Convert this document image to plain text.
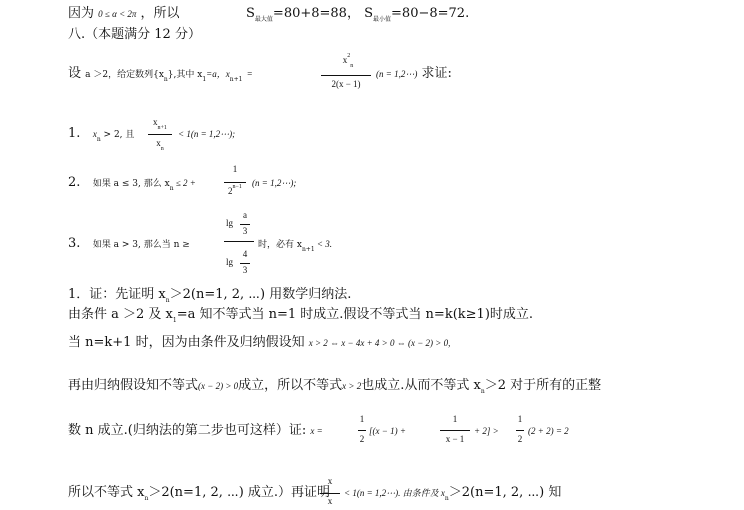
因为 0 ≤ α < 2π ，所以	$S_{最大值}=80+8=88$， $S_{最小值}=80-8=72$.
八.（本题满分 12 分）
设 a ＞2，给定数列$\{x_n\}$,其中 $x_1=a$，$x_{n+1}$ =
$x^2_n$
2(x − 1)
(n = 1,2⋯) 求证:
1. $x_n > 2$, 且
$x_{n+1}$
$x_n$
< 1(n = 1,2⋯);
2. 如果 a ≤ 3, 那么 $x_n \le 2$ +
1
$2^{n-1}$	(n = 1,2⋯);
3. 如果 a > 3, 那么当 n ≥
lg
a
3
lg
4
3
时，必有 $x_{n+1} < 3$.
1．证：先证明 $x_n>2(n=1$, 2, ⋯) 用数学归纳法.
由条件 a ＞2 及 $x_1=a$ 知不等式当 n=1 时成立.假设不等式当 n=k(k≥1)时成立.
当 n=k+1 时，因为由条件及归纳假设知 x > 2 ⇔ x − 4x + 4 > 0 ⇔ (x − 2) > 0,
再由归纳假设知不等式(x − 2) > 0成立，所以不等式x > 2也成立.从而不等式 $x_n>2$ 对于所有的正整
数 n 成立.(归纳法的第二步也可这样）证: x =
1
2
[(x − 1) +
1
x − 1
+ 2] >
1
2
(2 + 2) = 2
所以不等式 $x_n>2(n=1$, 2, ⋯) 成立.）再证明
x
x
< 1(n = 1,2⋯). 由条件及 $x_n>2(n=1$, 2, ⋯) 知
